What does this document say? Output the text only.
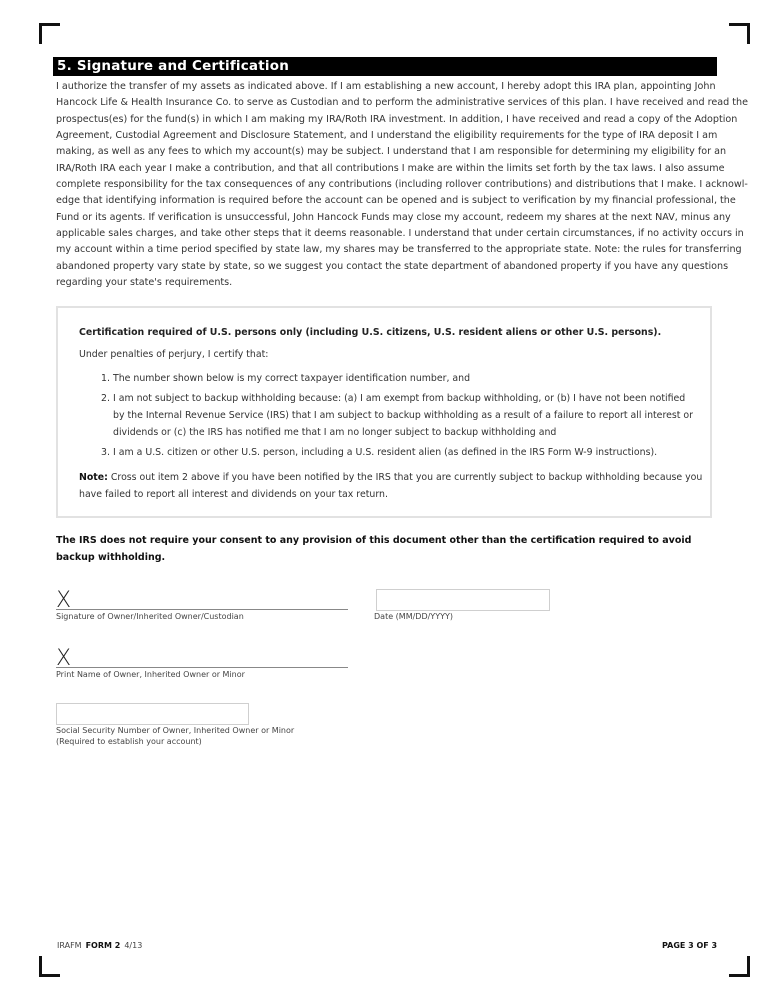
5. Signature and Certification
I authorize the transfer of my assets as indicated above. If I am establishing a new account, I hereby adopt this IRA plan, appointing John
Hancock Life & Health Insurance Co. to serve as Custodian and to perform the administrative services of this plan. I have received and read the
prospectus(es) for the fund(s) in which I am making my IRA/Roth IRA investment. In addition, I have received and read a copy of the Adoption
Agreement, Custodial Agreement and Disclosure Statement, and I understand the eligibility requirements for the type of IRA deposit I am
making, as well as any fees to which my account(s) may be subject. I understand that I am responsible for determining my eligibility for an
IRA/Roth IRA each year I make a contribution, and that all contributions I make are within the limits set forth by the tax laws. I also assume
complete responsibility for the tax consequences of any contributions (including rollover contributions) and distributions that I make. I acknowl-
edge that identifying information is required before the account can be opened and is subject to verification by my financial professional, the
Fund or its agents. If verification is unsuccessful, John Hancock Funds may close my account, redeem my shares at the next NAV, minus any
applicable sales charges, and take other steps that it deems reasonable. I understand that under certain circumstances, if no activity occurs in
my account within a time period specified by state law, my shares may be transferred to the appropriate state. Note: the rules for transferring
abandoned property vary state by state, so we suggest you contact the state department of abandoned property if you have any questions
regarding your state's requirements.
Certification required of U.S. persons only (including U.S. citizens, U.S. resident aliens or other U.S. persons).
Under penalties of perjury, I certify that:
1. The number shown below is my correct taxpayer identification number, and
2. I am not subject to backup withholding because: (a) I am exempt from backup withholding, or (b) I have not been notified
by the Internal Revenue Service (IRS) that I am subject to backup withholding as a result of a failure to report all interest or
dividends or (c) the IRS has notified me that I am no longer subject to backup withholding and
3. I am a U.S. citizen or other U.S. person, including a U.S. resident alien (as defined in the IRS Form W-9 instructions).
Note: Cross out item 2 above if you have been notified by the IRS that you are currently subject to backup withholding because you
have failed to report all interest and dividends on your tax return.
The IRS does not require your consent to any provision of this document other than the certification required to avoid
backup withholding.
X
Signature of Owner/Inherited Owner/Custodian	Date (MM/DD/YYYY)
X
Print Name of Owner, Inherited Owner or Minor
Social Security Number of Owner, Inherited Owner or Minor
(Required to establish your account)
IRAFM FORM 2 4/13	PAGE 3 OF 3
